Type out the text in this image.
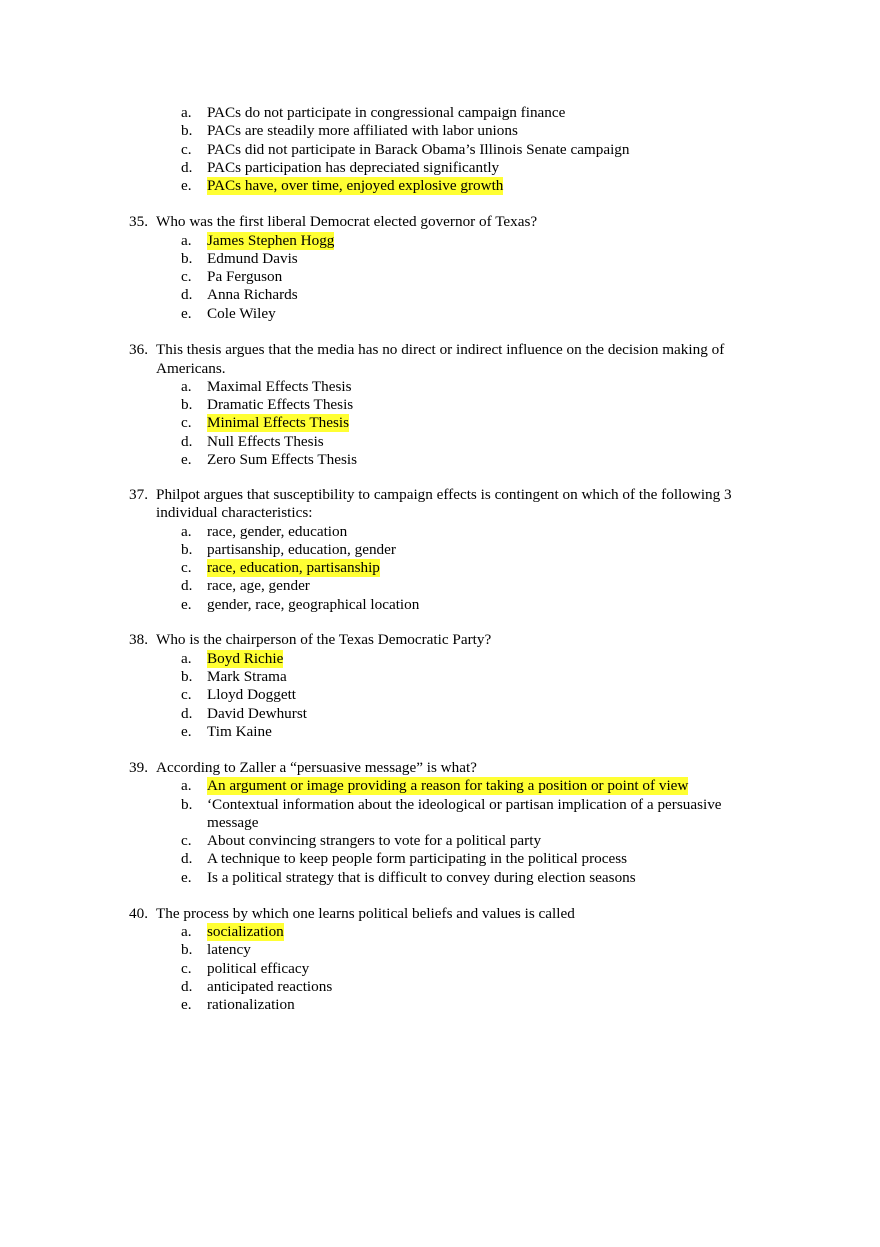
a. PACs do not participate in congressional campaign finance
b. PACs are steadily more affiliated with labor unions
c. PACs did not participate in Barack Obama’s Illinois Senate campaign
d. PACs participation has depreciated significantly
e. PACs have, over time, enjoyed explosive growth
35. Who was the first liberal Democrat elected governor of Texas?
a. James Stephen Hogg
b. Edmund Davis
c. Pa Ferguson
d. Anna Richards
e. Cole Wiley
36. This thesis argues that the media has no direct or indirect influence on the decision making of
Americans.
a. Maximal Effects Thesis
b. Dramatic Effects Thesis
c. Minimal Effects Thesis
d. Null Effects Thesis
e. Zero Sum Effects Thesis
37. Philpot argues that susceptibility to campaign effects is contingent on which of the following 3
individual characteristics:
a. race, gender, education
b. partisanship, education, gender
c. race, education, partisanship
d. race, age, gender
e. gender, race, geographical location
38. Who is the chairperson of the Texas Democratic Party?
a. Boyd Richie
b. Mark Strama
c. Lloyd Doggett
d. David Dewhurst
e. Tim Kaine
39. According to Zaller a “persuasive message” is what?
a. An argument or image providing a reason for taking a position or point of view
b. ‘Contextual information about the ideological or partisan implication of a persuasive
message
c. About convincing strangers to vote for a political party
d. A technique to keep people form participating in the political process
e. Is a political strategy that is difficult to convey during election seasons
40. The process by which one learns political beliefs and values is called
a. socialization
b. latency
c. political efficacy
d. anticipated reactions
e. rationalization
